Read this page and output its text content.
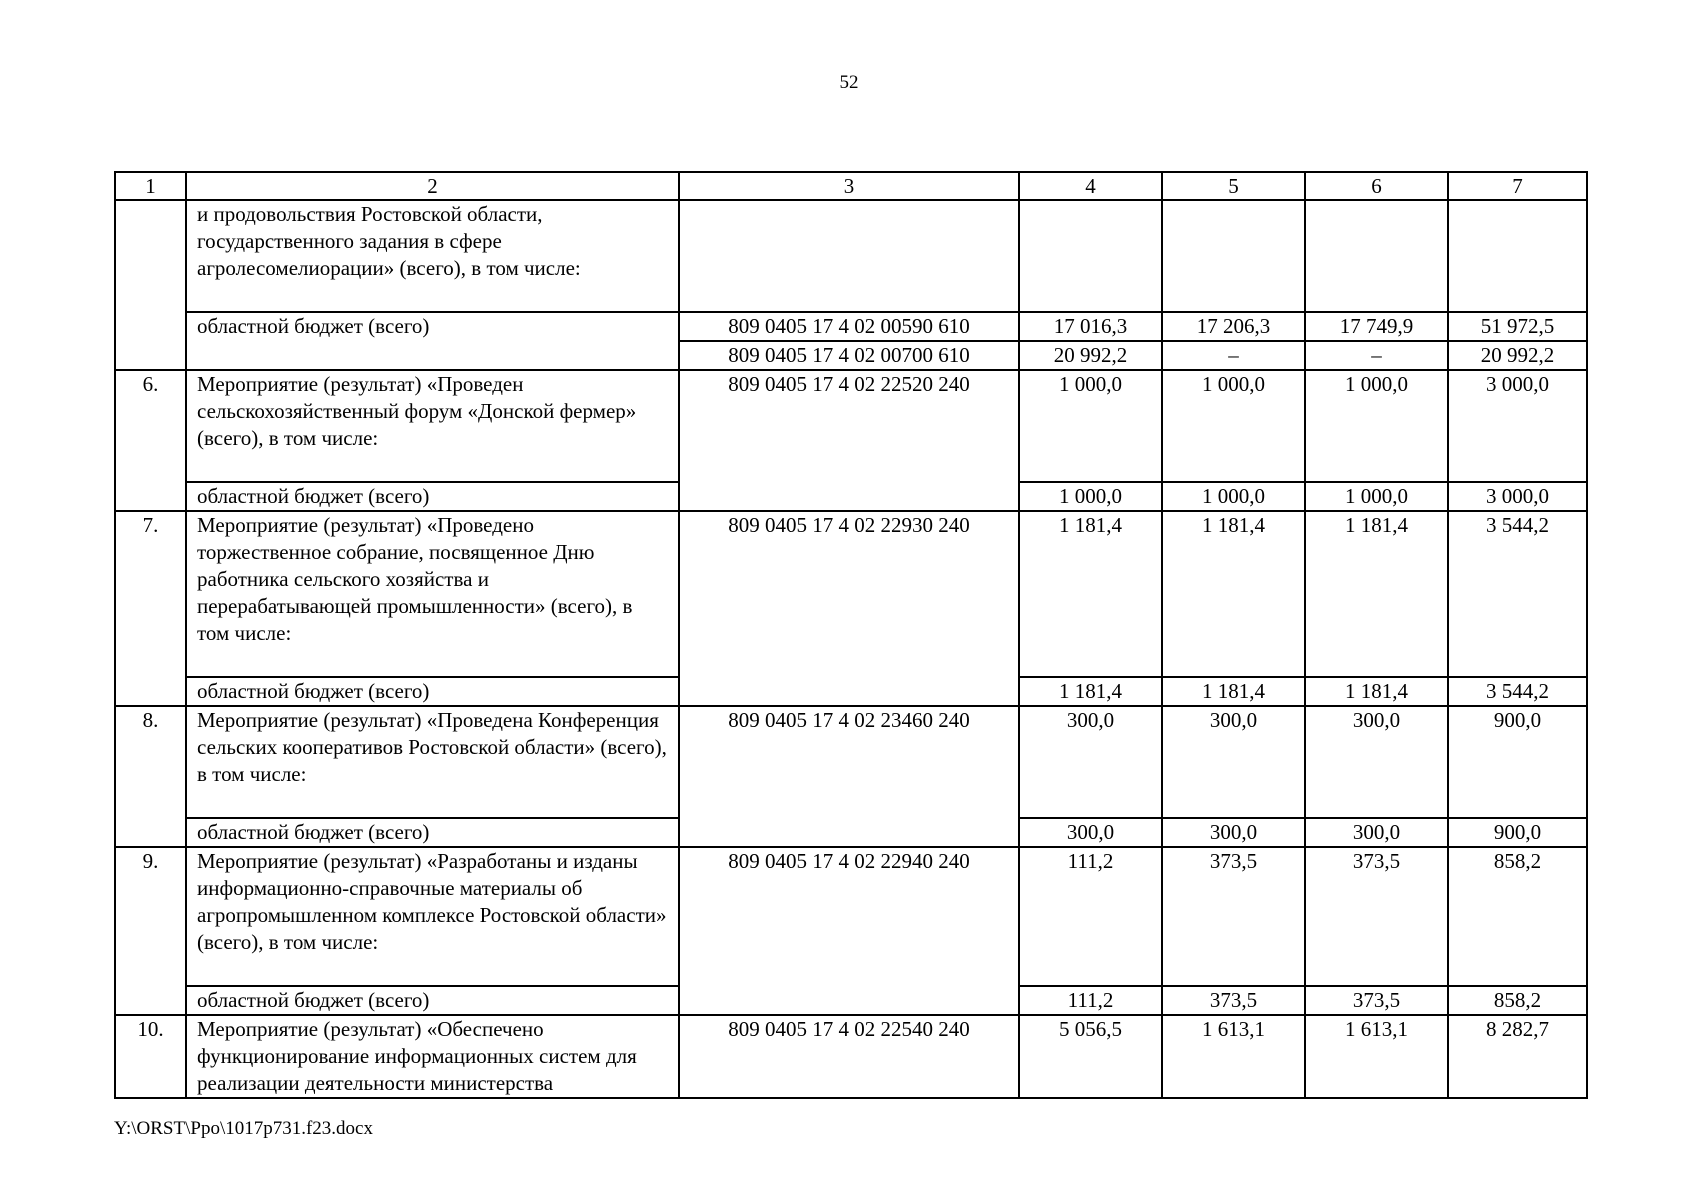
52
1	2	3	4	5	6	7
	и продовольствия Ростовской области, государственного задания в сфере агролесомелиорации» (всего), в том числе:					
	областной бюджет (всего)	809 0405 17 4 02 00590 610	17 016,3	17 206,3	17 749,9	51 972,5
		809 0405 17 4 02 00700 610	20 992,2	–	–	20 992,2
6.	Мероприятие (результат) «Проведен сельскохозяйственный форум «Донской фермер» (всего), в том числе:	809 0405 17 4 02 22520 240	1 000,0	1 000,0	1 000,0	3 000,0
	областной бюджет (всего)		1 000,0	1 000,0	1 000,0	3 000,0
7.	Мероприятие (результат) «Проведено торжественное собрание, посвященное Дню работника сельского хозяйства и перерабатывающей промышленности» (всего), в том числе:	809 0405 17 4 02 22930 240	1 181,4	1 181,4	1 181,4	3 544,2
	областной бюджет (всего)		1 181,4	1 181,4	1 181,4	3 544,2
8.	Мероприятие (результат) «Проведена Конференция сельских кооперативов Ростовской области» (всего), в том числе:	809 0405 17 4 02 23460 240	300,0	300,0	300,0	900,0
	областной бюджет (всего)		300,0	300,0	300,0	900,0
9.	Мероприятие (результат) «Разработаны и изданы информационно-справочные материалы об агропромышленном комплексе Ростовской области» (всего), в том числе:	809 0405 17 4 02 22940 240	111,2	373,5	373,5	858,2
	областной бюджет (всего)		111,2	373,5	373,5	858,2
10.	Мероприятие (результат) «Обеспечено функционирование информационных систем для реализации деятельности министерства	809 0405 17 4 02 22540 240	5 056,5	1 613,1	1 613,1	8 282,7
Y:\ORST\Ppo\1017p731.f23.docx
